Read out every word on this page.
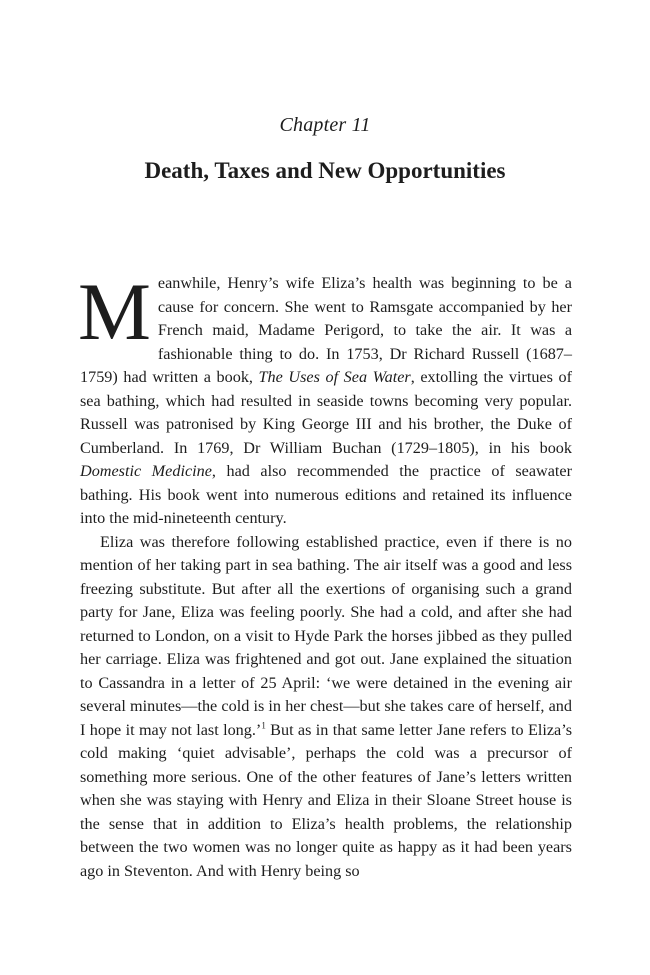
Chapter 11
Death, Taxes and New Opportunities

Meanwhile, Henry’s wife Eliza’s health was beginning to be a cause for concern. She went to Ramsgate accompanied by her French maid, Madame Perigord, to take the air. It was a fashionable thing to do. In 1753, Dr Richard Russell (1687–1759) had written a book, The Uses of Sea Water, extolling the virtues of sea bathing, which had resulted in seaside towns becoming very popular. Russell was patronised by King George III and his brother, the Duke of Cumberland. In 1769, Dr William Buchan (1729–1805), in his book Domestic Medicine, had also recommended the practice of seawater bathing. His book went into numerous editions and retained its influence into the mid-nineteenth century.

Eliza was therefore following established practice, even if there is no mention of her taking part in sea bathing. The air itself was a good and less freezing substitute. But after all the exertions of organising such a grand party for Jane, Eliza was feeling poorly. She had a cold, and after she had returned to London, on a visit to Hyde Park the horses jibbed as they pulled her carriage. Eliza was frightened and got out. Jane explained the situation to Cassandra in a letter of 25 April: ‘we were detained in the evening air several minutes—the cold is in her chest—but she takes care of herself, and I hope it may not last long.’$^1$ But as in that same letter Jane refers to Eliza’s cold making ‘quiet advisable’, perhaps the cold was a precursor of something more serious. One of the other features of Jane’s letters written when she was staying with Henry and Eliza in their Sloane Street house is the sense that in addition to Eliza’s health problems, the relationship between the two women was no longer quite as happy as it had been years ago in Steventon. And with Henry being so
